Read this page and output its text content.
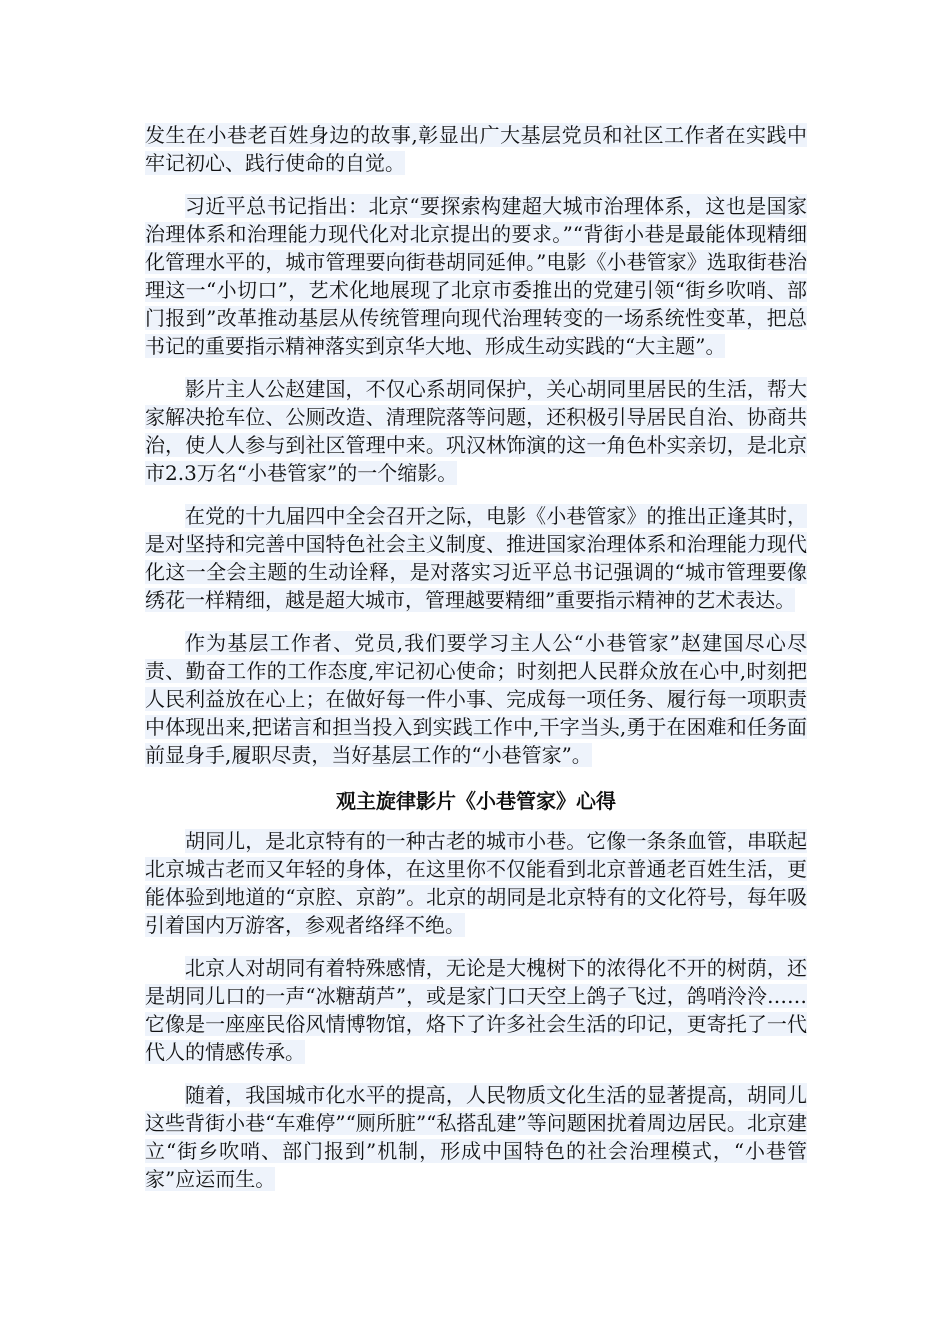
发生在小巷老百姓身边的故事,彰显出广大基层党员和社区工作者在实践中牢记初心、践行使命的自觉。

习近平总书记指出：北京“要探索构建超大城市治理体系，这也是国家治理体系和治理能力现代化对北京提出的要求。”“背街小巷是最能体现精细化管理水平的，城市管理要向街巷胡同延伸。”电影《小巷管家》选取街巷治理这一“小切口”，艺术化地展现了北京市委推出的党建引领“街乡吹哨、部门报到”改革推动基层从传统管理向现代治理转变的一场系统性变革，把总书记的重要指示精神落实到京华大地、形成生动实践的“大主题”。

影片主人公赵建国，不仅心系胡同保护，关心胡同里居民的生活，帮大家解决抢车位、公厕改造、清理院落等问题，还积极引导居民自治、协商共治，使人人参与到社区管理中来。巩汉林饰演的这一角色朴实亲切，是北京市2.3万名“小巷管家”的一个缩影。

在党的十九届四中全会召开之际，电影《小巷管家》的推出正逢其时，是对坚持和完善中国特色社会主义制度、推进国家治理体系和治理能力现代化这一全会主题的生动诠释，是对落实习近平总书记强调的“城市管理要像绣花一样精细，越是超大城市，管理越要精细”重要指示精神的艺术表达。

作为基层工作者、党员,我们要学习主人公“小巷管家”赵建国尽心尽责、勤奋工作的工作态度,牢记初心使命；时刻把人民群众放在心中,时刻把人民利益放在心上；在做好每一件小事、完成每一项任务、履行每一项职责中体现出来,把诺言和担当投入到实践工作中,干字当头,勇于在困难和任务面前显身手,履职尽责，当好基层工作的“小巷管家”。

观主旋律影片《小巷管家》心得

胡同儿，是北京特有的一种古老的城市小巷。它像一条条血管，串联起北京城古老而又年轻的身体，在这里你不仅能看到北京普通老百姓生活，更能体验到地道的“京腔、京韵”。北京的胡同是北京特有的文化符号，每年吸引着国内万游客，参观者络绎不绝。

北京人对胡同有着特殊感情，无论是大槐树下的浓得化不开的树荫，还是胡同儿口的一声“冰糖葫芦”，或是家门口天空上鸽子飞过，鸽哨泠泠……它像是一座座民俗风情博物馆，烙下了许多社会生活的印记，更寄托了一代代人的情感传承。

随着，我国城市化水平的提高，人民物质文化生活的显著提高，胡同儿这些背街小巷“车难停”“厕所脏”“私搭乱建”等问题困扰着周边居民。北京建立“街乡吹哨、部门报到”机制，形成中国特色的社会治理模式，“小巷管家”应运而生。
